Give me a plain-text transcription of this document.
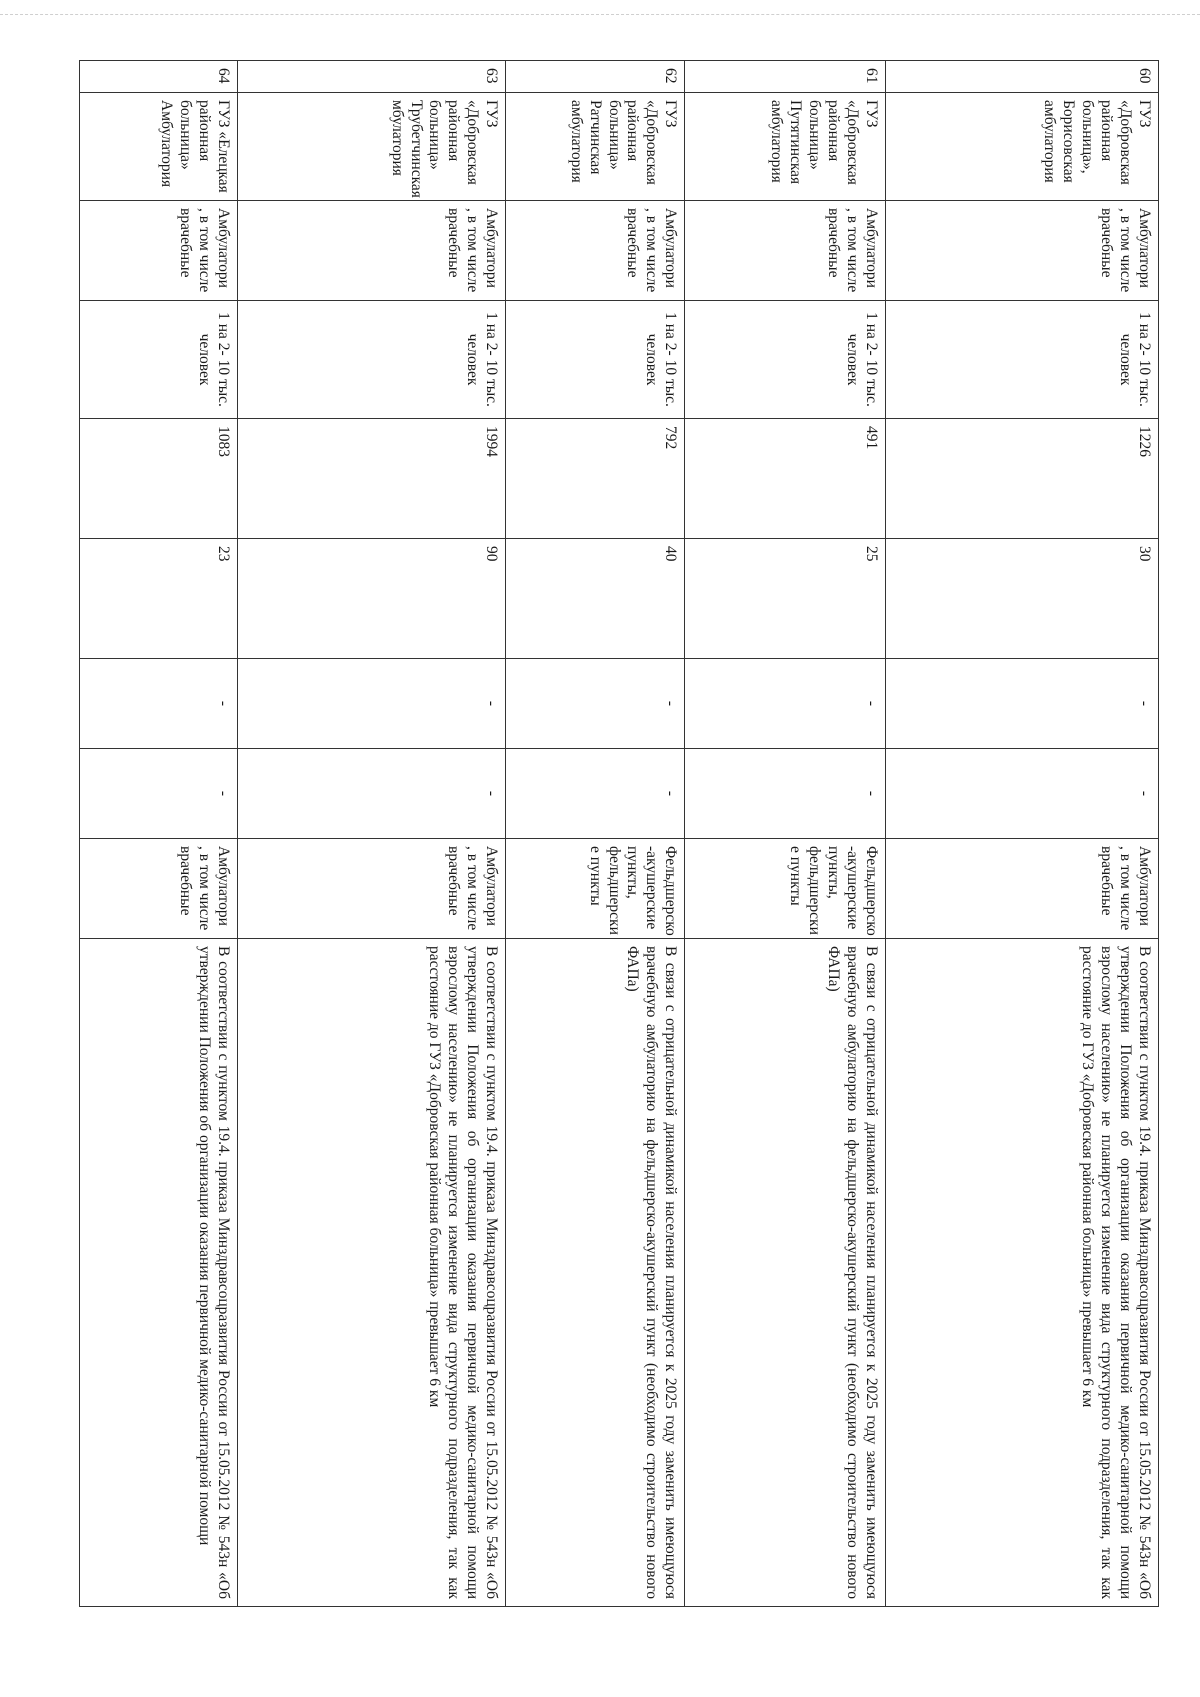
60	ГУЗ «Добровская районная больница», Борисовская амбулатория	Амбулатори , в том числе врачебные	1 на 2- 10 тыс. человек	1226	30	-	-	Амбулатори , в том числе врачебные	В соответствии с пунктом 19.4. приказа Минздравсоцразвития России от 15.05.2012 № 543н «Об утверждении Положения об организации оказания первичной медико-санитарной помощи взрослому населению» не планируется изменение вида структурного подразделения, так как расстояние до ГУЗ «Добровская районная больница» превышает 6 км
61	ГУЗ «Добровская районная больница» Путятинская амбулатория	Амбулатори , в том числе врачебные	1 на 2- 10 тыс. человек	491	25	-	-	Фельдшерско -акушерские пункты, фельдшерски е пункты	В связи с отрицательной динамикой населения планируется к 2025 году заменить имеющуюся врачебную амбулаторию на фельдшерско-акушерский пункт (необходимо строительство нового ФАПа)
62	ГУЗ «Добровская районная больница» Ратчинская амбулатория	Амбулатори , в том числе врачебные	1 на 2- 10 тыс. человек	792	40	-	-	Фельдшерско -акушерские пункты, фельдшерски е пункты	В связи с отрицательной динамикой населения планируется к 2025 году заменить имеющуюся врачебную амбулаторию на фельдшерско-акушерский пункт (необходимо строительство нового ФАПа)
63	ГУЗ «Добровская районная больница» Трубетчинская мбулатория	Амбулатори , в том числе врачебные	1 на 2- 10 тыс. человек	1994	90	-	-	Амбулатори , в том числе врачебные	В соответствии с пунктом 19.4. приказа Минздравсоцразвития России от 15.05.2012 № 543н «Об утверждении Положения об организации оказания первичной медико-санитарной помощи взрослому населению» не планируется изменение вида структурного подразделения, так как расстояние до ГУЗ «Добровская районная больница» превышает 6 км
64	ГУЗ «Елецкая районная больница» Амбулатория	Амбулатори , в том числе врачебные	1 на 2- 10 тыс. человек	1083	23	-	-	Амбулатори , в том числе врачебные	В соответствии с пунктом 19.4. приказа Минздравсоцразвития России от 15.05.2012 № 543н «Об утверждении Положения об организации оказания первичной медико-санитарной помощи
